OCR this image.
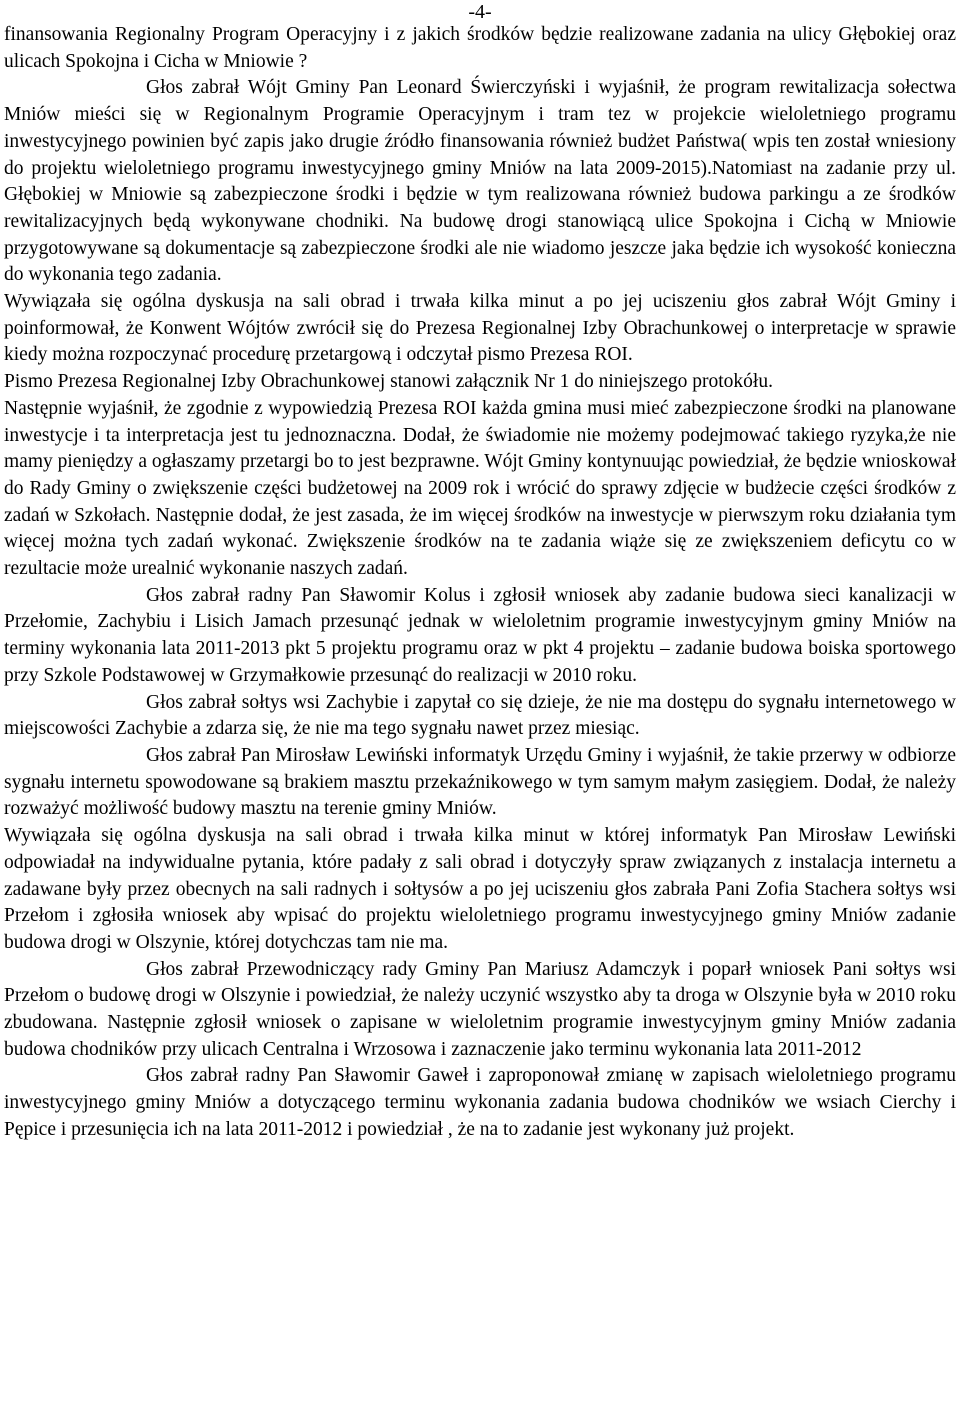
-4-

finansowania Regionalny Program Operacyjny i z jakich środków będzie realizowane zadania na ulicy Głębokiej oraz ulicach Spokojna i Cicha w Mniowie ?

Głos zabrał Wójt Gminy Pan Leonard Świerczyński i wyjaśnił, że program rewitalizacja sołectwa Mniów mieści się w Regionalnym Programie Operacyjnym i tram tez w projekcie wieloletniego programu inwestycyjnego powinien być zapis jako drugie źródło finansowania również budżet Państwa( wpis ten został wniesiony do projektu wieloletniego programu inwestycyjnego gminy Mniów na lata 2009-2015).Natomiast na zadanie przy ul. Głębokiej w Mniowie są zabezpieczone środki i będzie w tym realizowana również budowa parkingu a ze środków rewitalizacyjnych będą wykonywane chodniki. Na budowę drogi stanowiącą ulice Spokojna i Cichą w Mniowie przygotowywane są dokumentacje są zabezpieczone środki ale nie wiadomo jeszcze jaka będzie ich wysokość konieczna do wykonania tego zadania.

Wywiązała się ogólna dyskusja na sali obrad i trwała kilka minut a po jej uciszeniu głos zabrał Wójt Gminy i poinformował, że Konwent Wójtów zwrócił się do Prezesa Regionalnej Izby Obrachunkowej o interpretacje w sprawie kiedy można rozpoczynać procedurę przetargową i odczytał pismo Prezesa ROI.

Pismo Prezesa Regionalnej Izby Obrachunkowej stanowi załącznik Nr 1 do niniejszego protokółu.

Następnie wyjaśnił, że zgodnie z wypowiedzią Prezesa ROI każda gmina musi mieć zabezpieczone środki na planowane inwestycje i ta interpretacja jest tu jednoznaczna. Dodał, że świadomie nie możemy podejmować takiego ryzyka,że nie mamy pieniędzy a ogłaszamy przetargi bo to jest bezprawne. Wójt Gminy kontynuując powiedział, że będzie wnioskował do Rady Gminy o zwiększenie części budżetowej na 2009 rok i wrócić do sprawy zdjęcie w budżecie części środków z zadań w Szkołach. Następnie dodał, że jest zasada, że im więcej środków na inwestycje w pierwszym roku działania tym więcej można tych zadań wykonać. Zwiększenie środków na te zadania wiąże się ze zwiększeniem deficytu co w rezultacie może urealnić wykonanie naszych zadań.

Głos zabrał radny Pan Sławomir Kolus i zgłosił wniosek aby zadanie budowa sieci kanalizacji w Przełomie, Zachybiu i Lisich Jamach przesunąć jednak w wieloletnim programie inwestycyjnym gminy Mniów na terminy wykonania lata 2011-2013 pkt 5 projektu programu oraz w pkt 4 projektu – zadanie budowa boiska sportowego przy Szkole Podstawowej w Grzymałkowie przesunąć do realizacji w 2010 roku.

Głos zabrał sołtys wsi Zachybie i zapytał co się dzieje, że nie ma dostępu do sygnału internetowego w miejscowości Zachybie a zdarza się, że nie ma tego sygnału nawet przez miesiąc.

Głos zabrał Pan Mirosław Lewiński informatyk Urzędu Gminy i wyjaśnił, że takie przerwy w odbiorze sygnału internetu spowodowane są brakiem masztu przekaźnikowego w tym samym małym zasięgiem. Dodał, że należy rozważyć możliwość budowy masztu na terenie gminy Mniów.

Wywiązała się ogólna dyskusja na sali obrad i trwała kilka minut w której informatyk Pan Mirosław Lewiński odpowiadał na indywidualne pytania, które padały z sali obrad i dotyczyły spraw związanych z instalacja internetu a zadawane były przez obecnych na sali radnych i sołtysów a po jej uciszeniu głos zabrała Pani Zofia Stachera sołtys wsi Przełom i zgłosiła wniosek aby wpisać do projektu wieloletniego programu inwestycyjnego gminy Mniów zadanie budowa drogi w Olszynie, której dotychczas tam nie ma.

Głos zabrał Przewodniczący rady Gminy Pan Mariusz Adamczyk i poparł wniosek Pani sołtys wsi Przełom o budowę drogi w Olszynie i powiedział, że należy uczynić wszystko aby ta droga w Olszynie była w 2010 roku zbudowana. Następnie zgłosił wniosek o zapisane w wieloletnim programie inwestycyjnym gminy Mniów zadania budowa chodników przy ulicach Centralna i Wrzosowa i zaznaczenie jako terminu wykonania lata 2011-2012

Głos zabrał radny Pan Sławomir Gaweł i zaproponował zmianę w zapisach wieloletniego programu inwestycyjnego gminy Mniów a dotyczącego terminu wykonania zadania budowa chodników we wsiach Cierchy i Pępice i przesunięcia ich na lata 2011-2012 i powiedział , że na to zadanie jest wykonany już projekt.
